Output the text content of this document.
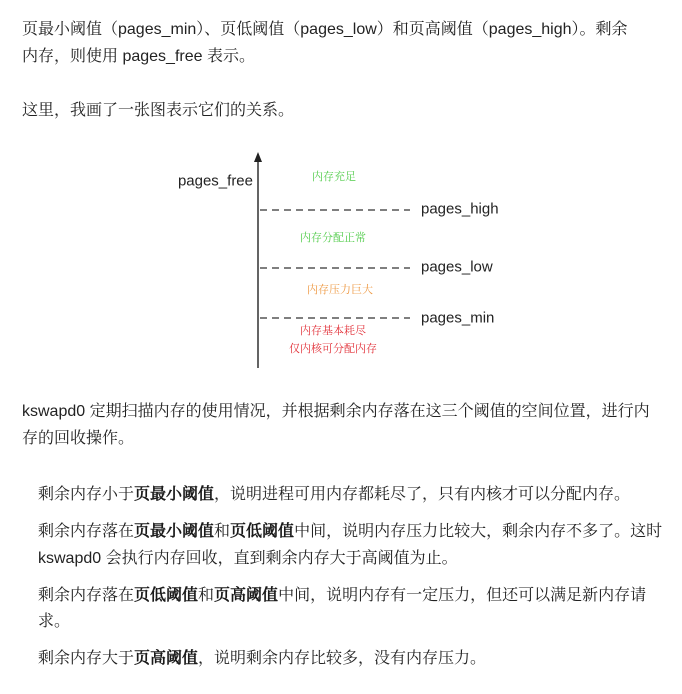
页最小阈值（pages_min）、页低阈值（pages_low）和页高阈值（pages_high）。剩余
内存，则使用 pages_free 表示。
这里，我画了一张图表示它们的关系。
pages_free	内存充足
pages_high
内存分配正常
pages_low
内存压力巨大
pages_min
内存基本耗尽
仅内核可分配内存
kswapd0 定期扫描内存的使用情况，并根据剩余内存落在这三个阈值的空间位置，进行内
存的回收操作。
剩余内存小于页最小阈值，说明进程可用内存都耗尽了，只有内核才可以分配内存。
剩余内存落在页最小阈值和页低阈值中间，说明内存压力比较大，剩余内存不多了。这时
kswapd0 会执行内存回收，直到剩余内存大于高阈值为止。
剩余内存落在页低阈值和页高阈值中间，说明内存有一定压力，但还可以满足新内存请
求。
剩余内存大于页高阈值，说明剩余内存比较多，没有内存压力。
